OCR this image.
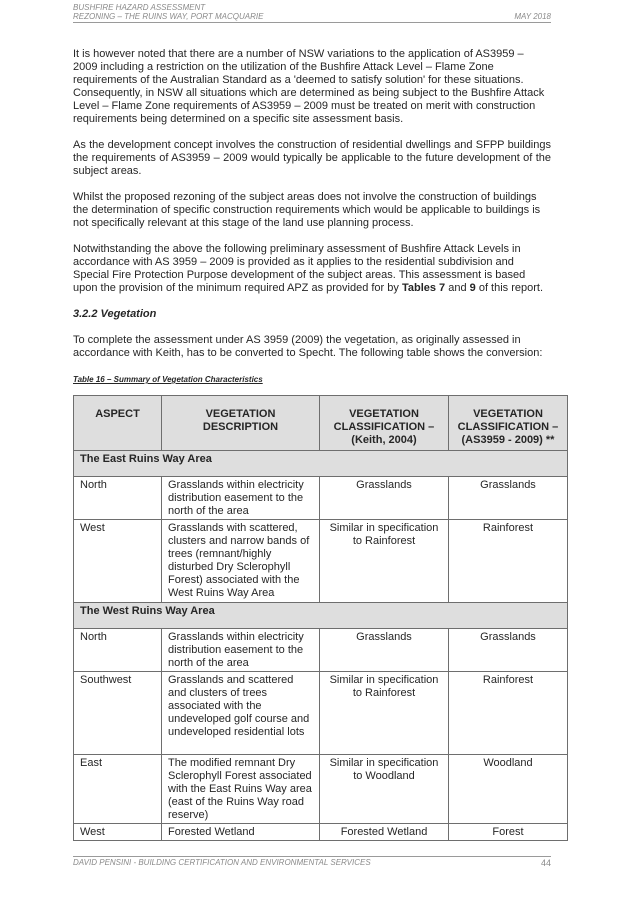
BUSHFIRE HAZARD ASSESSMENT
REZONING – THE RUINS WAY, PORT MACQUARIE	MAY 2018

It is however noted that there are a number of NSW variations to the application of AS3959 – 2009 including a restriction on the utilization of the Bushfire Attack Level – Flame Zone requirements of the Australian Standard as a 'deemed to satisfy solution' for these situations. Consequently, in NSW all situations which are determined as being subject to the Bushfire Attack Level – Flame Zone requirements of AS3959 – 2009 must be treated on merit with construction requirements being determined on a specific site assessment basis.

As the development concept involves the construction of residential dwellings and SFPP buildings the requirements of AS3959 – 2009 would typically be applicable to the future development of the subject areas.

Whilst the proposed rezoning of the subject areas does not involve the construction of buildings the determination of specific construction requirements which would be applicable to buildings is not specifically relevant at this stage of the land use planning process.

Notwithstanding the above the following preliminary assessment of Bushfire Attack Levels in accordance with AS 3959 – 2009 is provided as it applies to the residential subdivision and Special Fire Protection Purpose development of the subject areas. This assessment is based upon the provision of the minimum required APZ as provided for by Tables 7 and 9 of this report.

3.2.2 Vegetation

To complete the assessment under AS 3959 (2009) the vegetation, as originally assessed in accordance with Keith, has to be converted to Specht. The following table shows the conversion:

Table 16 – Summary of Vegetation Characteristics
ASPECT	VEGETATION DESCRIPTION	VEGETATION CLASSIFICATION – (Keith, 2004)	VEGETATION CLASSIFICATION – (AS3959 - 2009) **
The East Ruins Way Area			
North	Grasslands within electricity distribution easement to the north of the area	Grasslands	Grasslands
West	Grasslands with scattered, clusters and narrow bands of trees (remnant/highly disturbed Dry Sclerophyll Forest) associated with the West Ruins Way Area	Similar in specification to Rainforest	Rainforest
The West Ruins Way Area			
North	Grasslands within electricity distribution easement to the north of the area	Grasslands	Grasslands
Southwest	Grasslands and scattered and clusters of trees associated with the undeveloped golf course and undeveloped residential lots	Similar in specification to Rainforest	Rainforest
East	The modified remnant Dry Sclerophyll Forest associated with the East Ruins Way area (east of the Ruins Way road reserve)	Similar in specification to Woodland	Woodland
West	Forested Wetland	Forested Wetland	Forest
DAVID PENSINI - BUILDING CERTIFICATION AND ENVIRONMENTAL SERVICES	44
